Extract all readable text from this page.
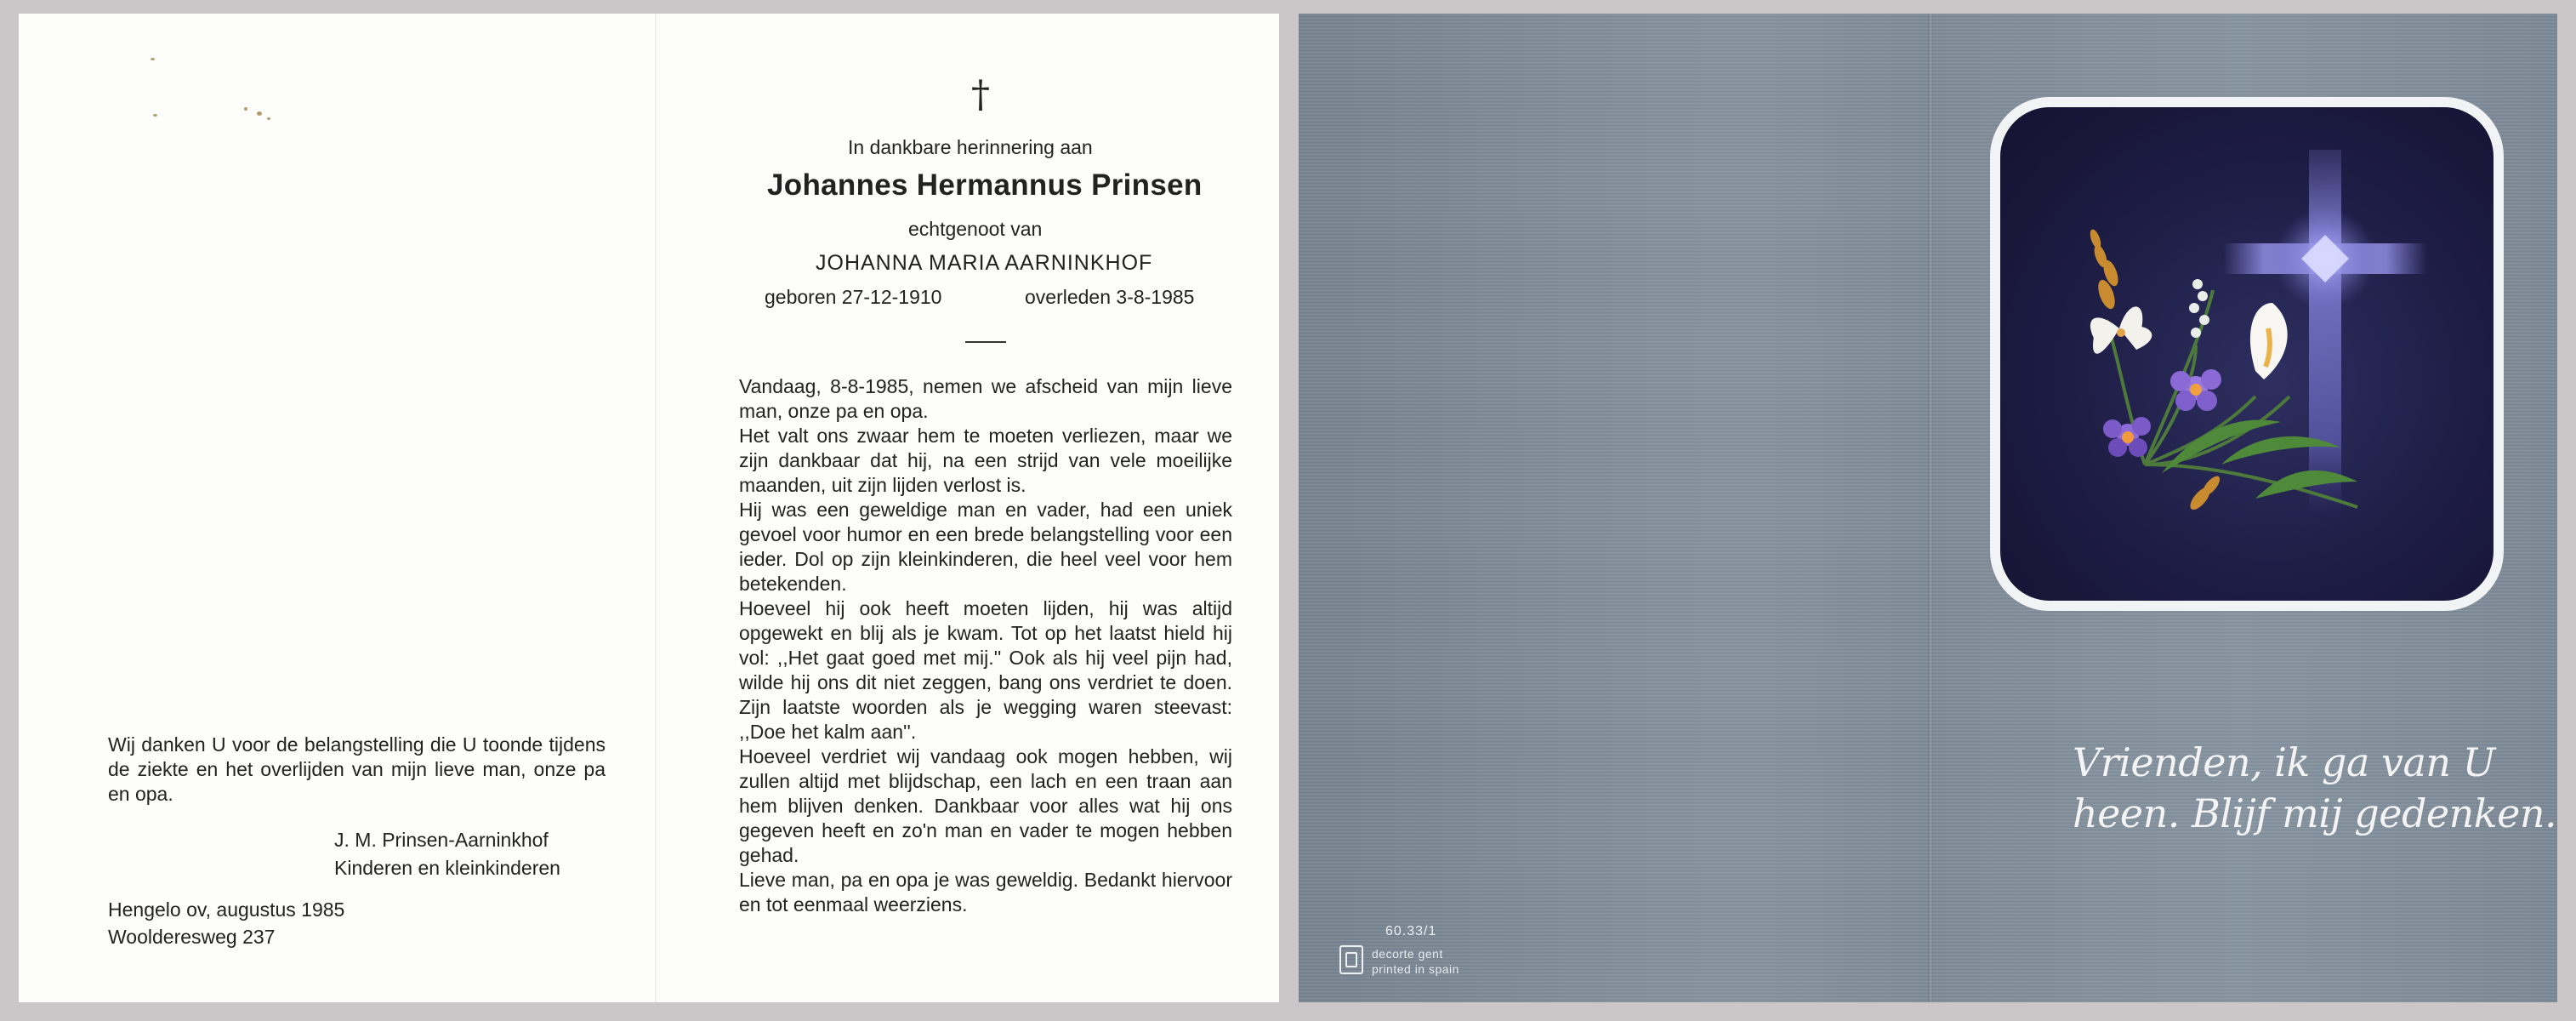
Wij danken U voor de belangstelling die U toonde tijdens de ziekte en het overlijden van mijn lieve man, onze pa en opa.
J. M. Prinsen-Aarninkhof
Kinderen en kleinkinderen
Hengelo ov, augustus 1985
Woolderesweg 237
†
In dankbare herinnering aan
Johannes Hermannus Prinsen
echtgenoot van
JOHANNA MARIA AARNINKHOF
geboren 27-12-1910	overleden 3-8-1985

Vandaag, 8-8-1985, nemen we afscheid van mijn lieve man, onze pa en opa.

Het valt ons zwaar hem te moeten verliezen, maar we zijn dankbaar dat hij, na een strijd van vele moeilijke maanden, uit zijn lijden verlost is.

Hij was een geweldige man en vader, had een uniek gevoel voor humor en een brede belangstelling voor een ieder. Dol op zijn kleinkinderen, die heel veel voor hem betekenden.

Hoeveel hij ook heeft moeten lijden, hij was altijd opgewekt en blij als je kwam. Tot op het laatst hield hij vol: ,,Het gaat goed met mij.'' Ook als hij veel pijn had, wilde hij ons dit niet zeggen, bang ons verdriet te doen. Zijn laatste woorden als je wegging waren steevast: ,,Doe het kalm aan''.

Hoeveel verdriet wij vandaag ook mogen hebben, wij zullen altijd met blijdschap, een lach en een traan aan hem blijven denken. Dankbaar voor alles wat hij ons gegeven heeft en zo'n man en vader te mogen hebben gehad.

Lieve man, pa en opa je was geweldig. Bedankt hiervoor en tot eenmaal weerziens.

Vrienden, ik ga van U
heen. Blijf mij gedenken.
60.33/1
decorte gent
printed in spain
